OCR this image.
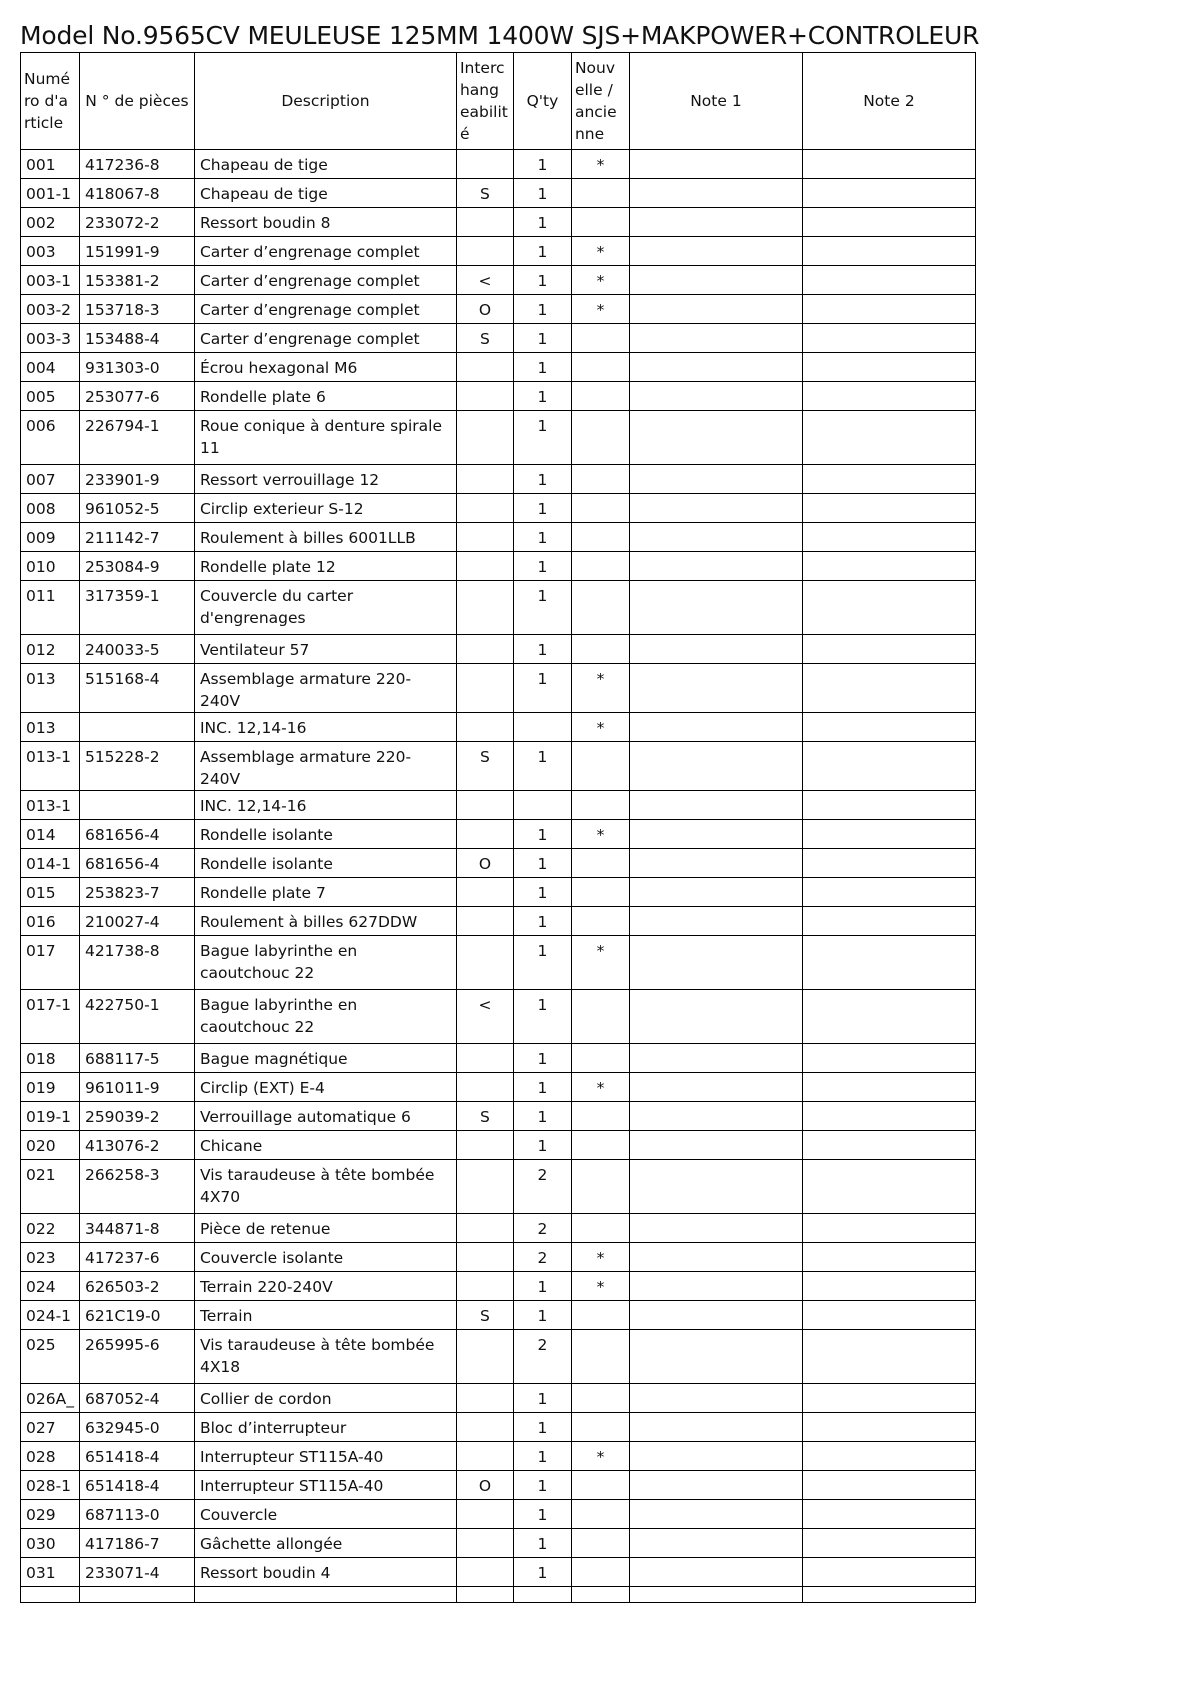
Model No.9565CV MEULEUSE 125MM 1400W SJS+MAKPOWER+CONTROLEUR
Numé ro d'a rticle	N ° de pièces	Description	Interc hang eabilit é	Q'ty	Nouv elle / ancie nne	Note 1	Note 2
001	417236-8	Chapeau de tige		1	*		
001-1	418067-8	Chapeau de tige	S	1			
002	233072-2	Ressort boudin 8		1			
003	151991-9	Carter d’engrenage complet		1	*		
003-1	153381-2	Carter d’engrenage complet	<	1	*		
003-2	153718-3	Carter d’engrenage complet	O	1	*		
003-3	153488-4	Carter d’engrenage complet	S	1			
004	931303-0	Écrou hexagonal M6		1			
005	253077-6	Rondelle plate 6		1			
006	226794-1	Roue conique à denture spirale 11		1			
007	233901-9	Ressort verrouillage 12		1			
008	961052-5	Circlip exterieur S-12		1			
009	211142-7	Roulement à billes 6001LLB		1			
010	253084-9	Rondelle plate 12		1			
011	317359-1	Couvercle du carter d'engrenages		1			
012	240033-5	Ventilateur 57		1			
013	515168-4	Assemblage armature 220-240V		1	*		
013		INC. 12,14-16			*		
013-1	515228-2	Assemblage armature 220-240V	S	1			
013-1		INC. 12,14-16					
014	681656-4	Rondelle isolante		1	*		
014-1	681656-4	Rondelle isolante	O	1			
015	253823-7	Rondelle plate 7		1			
016	210027-4	Roulement à billes 627DDW		1			
017	421738-8	Bague labyrinthe en caoutchouc 22		1	*		
017-1	422750-1	Bague labyrinthe en caoutchouc 22	<	1			
018	688117-5	Bague magnétique		1			
019	961011-9	Circlip (EXT) E-4		1	*		
019-1	259039-2	Verrouillage automatique 6	S	1			
020	413076-2	Chicane		1			
021	266258-3	Vis taraudeuse à tête bombée 4X70		2			
022	344871-8	Pièce de retenue		2			
023	417237-6	Couvercle isolante		2	*		
024	626503-2	Terrain 220-240V		1	*		
024-1	621C19-0	Terrain	S	1			
025	265995-6	Vis taraudeuse à tête bombée 4X18		2			
026A_	687052-4	Collier de cordon		1			
027	632945-0	Bloc d’interrupteur		1			
028	651418-4	Interrupteur ST115A-40		1	*		
028-1	651418-4	Interrupteur ST115A-40	O	1			
029	687113-0	Couvercle		1			
030	417186-7	Gâchette allongée		1			
031	233071-4	Ressort boudin 4		1			
